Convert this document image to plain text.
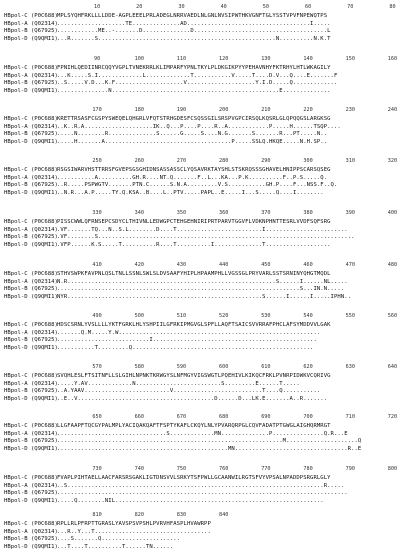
10	20	30	40	50	60	70	80
HBpol-C (P0C688) MPLSYQHFRKLLLLDDE-AGPLEEELPRLADEGLNRRVAEDLNLGNLNVSIPWTHKVGNFTGLYSSTVPVFNPEWQTPS
HBpol-A (Q02314) ....................TE..............AD....................................I.....
HBpol-B (Q67925) ............ME..-.......D..............D.......................................L
HBpol-D (Q9QMI1) ...R.......S....................................................N..........N.K.T
90	100	110	120	130	140	150	160
HBpol-C (P0C688) FPNIHLQEDIINRCQQYVGPLTVNEKRRLKLIMPARFYPNLTKYLPLDKGIKPYYPEHAVNHYFKTRHYLHTLWKAGILY
HBpol-A (Q02314) ...K.....S.I.............L.............T...........V.....T....D.V...Q....E.......F
HBpol-B (Q67925) ..S.....V.D...K.F....................V....................Y.I.D.....Q.............
HBpol-D (Q9QMI1) ...............N.................................................E..............
170	180	190	200	210	220	230	240
HBpol-C (P0C688) KRETTRSASFCGSPYSWEQELQHGRLVFQTSTRHGDESFCSQSSGILSRSPVGPCIRSQLKQSRLGLQPQQGSLARGKSG
HBpol-A (Q02314) ..K..R.A....................IK..Q...P....P....R..A............P.....H......TSQP....
HBpol-B (Q67925) .....N........R..............S......G.....S....N.G.......S.......R...PT.....N..
HBpol-D (Q9QMI1) .....H.......A.....................................P.....SSLQ.HKQE.....N.H.SP..
250	260	270	280	290	300	310	320
HBpol-C (P0C688) RSGSIWARVHSTTRRSFGVEPSGSGHIDNSASSASSCLYQSAVRKTAYSHLSTSKRQSSSGHAVELHNIPPSCARSQSEG
HBpol-A (Q02314) ...........A..........GH.R....NT.Q.......F..L...KA...P.K..........F..P.S.....Q.
HBpol-B (Q67925) ..R.....PSPWGTV.......PTN.C......S.N.A.........V.S...........GH.P....F...NSS.F..Q.
HBpol-D (Q9QMI1) ..N.R...A.P.....TY.Q.KSA..B....L..PTV.....PAPL..E.....I...S.....Q....I........
330	340	350	360	370	380	390	400
HBpol-C (P0C688) PISSCWWLQFRNSEPCSDYCLTHIVNLLEDWGPCTEHGEHNIRIPRTPARVTGGVFLVDKNPHNTTESRLVVDFSQFSRG
HBpol-A (Q02314) .VF.......TQ...N..S.L........D....T.........................I........................
HBpol-B (Q67925) .VF........S...........................................................................
HBpol-D (Q9QMI1) .VFP......K.S.....T..........R....T..........I..............T...................
410	420	430	440	450	460	470	480
HBpol-C (P0C688) STHVSWPKFAVPNLQSLTNLLSSNLSWLSLDVSAAFYHIPLHPAAMPHLLVGSSGLPRYVARLSSTSRNINYQHGTMQDL
HBpol-A (Q02314) N.R.............................................................S......I......NL.....
HBpol-B (Q67925) .......................................................................S...IN.N.....
HBpol-D (Q9QMI1) NYR.........................................................S......I......I.....IPHN..
490	500	510	520	530	540	550	560
HBpol-C (P0C688) HDSCSRNLYVSLLLLYKTFGRKLHLYSHPIILGFRKIPMGVGLSPFLLAQFTSAICSVVRRAFPHCLAFSYMDDVVLGAK
HBpol-A (Q02314) .......Q.M.....Y.W...........................................................
HBpol-B (Q67925) ...........................I................................................
HBpol-D (Q9QMI1) ...........T.........Q.....................................................
570	580	590	600	610	620	630	640
HBpol-C (P0C688) SVQHLESLFTSITNFLLSLGIHLNPNKTKRWGYSLNFMGYVIGSWGTLPQEHIVLKIKQCFRKLPVNRPIDWKVCQRIVG
HBpol-A (Q02314) .....Y.AV.............N.........................S.........E......T.....
HBpol-B (Q67925) ..A.YAAV.........................V..........................T....Q...........
HBpol-D (Q9QMI1) ..E..V........................................D......D...LK.E.......A..R.......
650	660	670	680	690	700	710	720
HBpol-C (P0C688) LLGFAAPFTQCGYPALMPLYACIQAKQAFTFSPTYKAFLCKQYLNLYPVARQRPGLCQVFADATPTGWGLAIGHQRMRGT
HBpol-A (Q02314) ................................S.............MN..............P...............Q.R...E
HBpol-B (Q67925) ..................................................................M.....................Q
HBpol-D (Q9QMI1) ..................................................MN.................................R..E
730	740	750	760	770	780	790	800
HBpol-C (P0C688) FVAPLPIHTAELLAACFARSRSGAKLIGTDNSVVLSRKYTSFPWLLGCAANWILRGTSFVYVPSALNPADDPSRGRLGLY
HBpol-A (Q02314) ..S...........................................................................R.....
HBpol-B (Q67925) .....................................................................................
HBpol-D (Q9QMI1) .....Q........NIL.............................................................
810	820	830	840
HBpol-C (P0C688) RPLLRLPFRPTTGRASLYAVSPSVPSHLPVRVHFASPLHVAWRPP
HBpol-A (Q02314) ...R..Y...T..................................
HBpol-B (Q67925) ....S.......Q.......................
HBpol-D (Q9QMI1) ...T....T..........T......TN......
